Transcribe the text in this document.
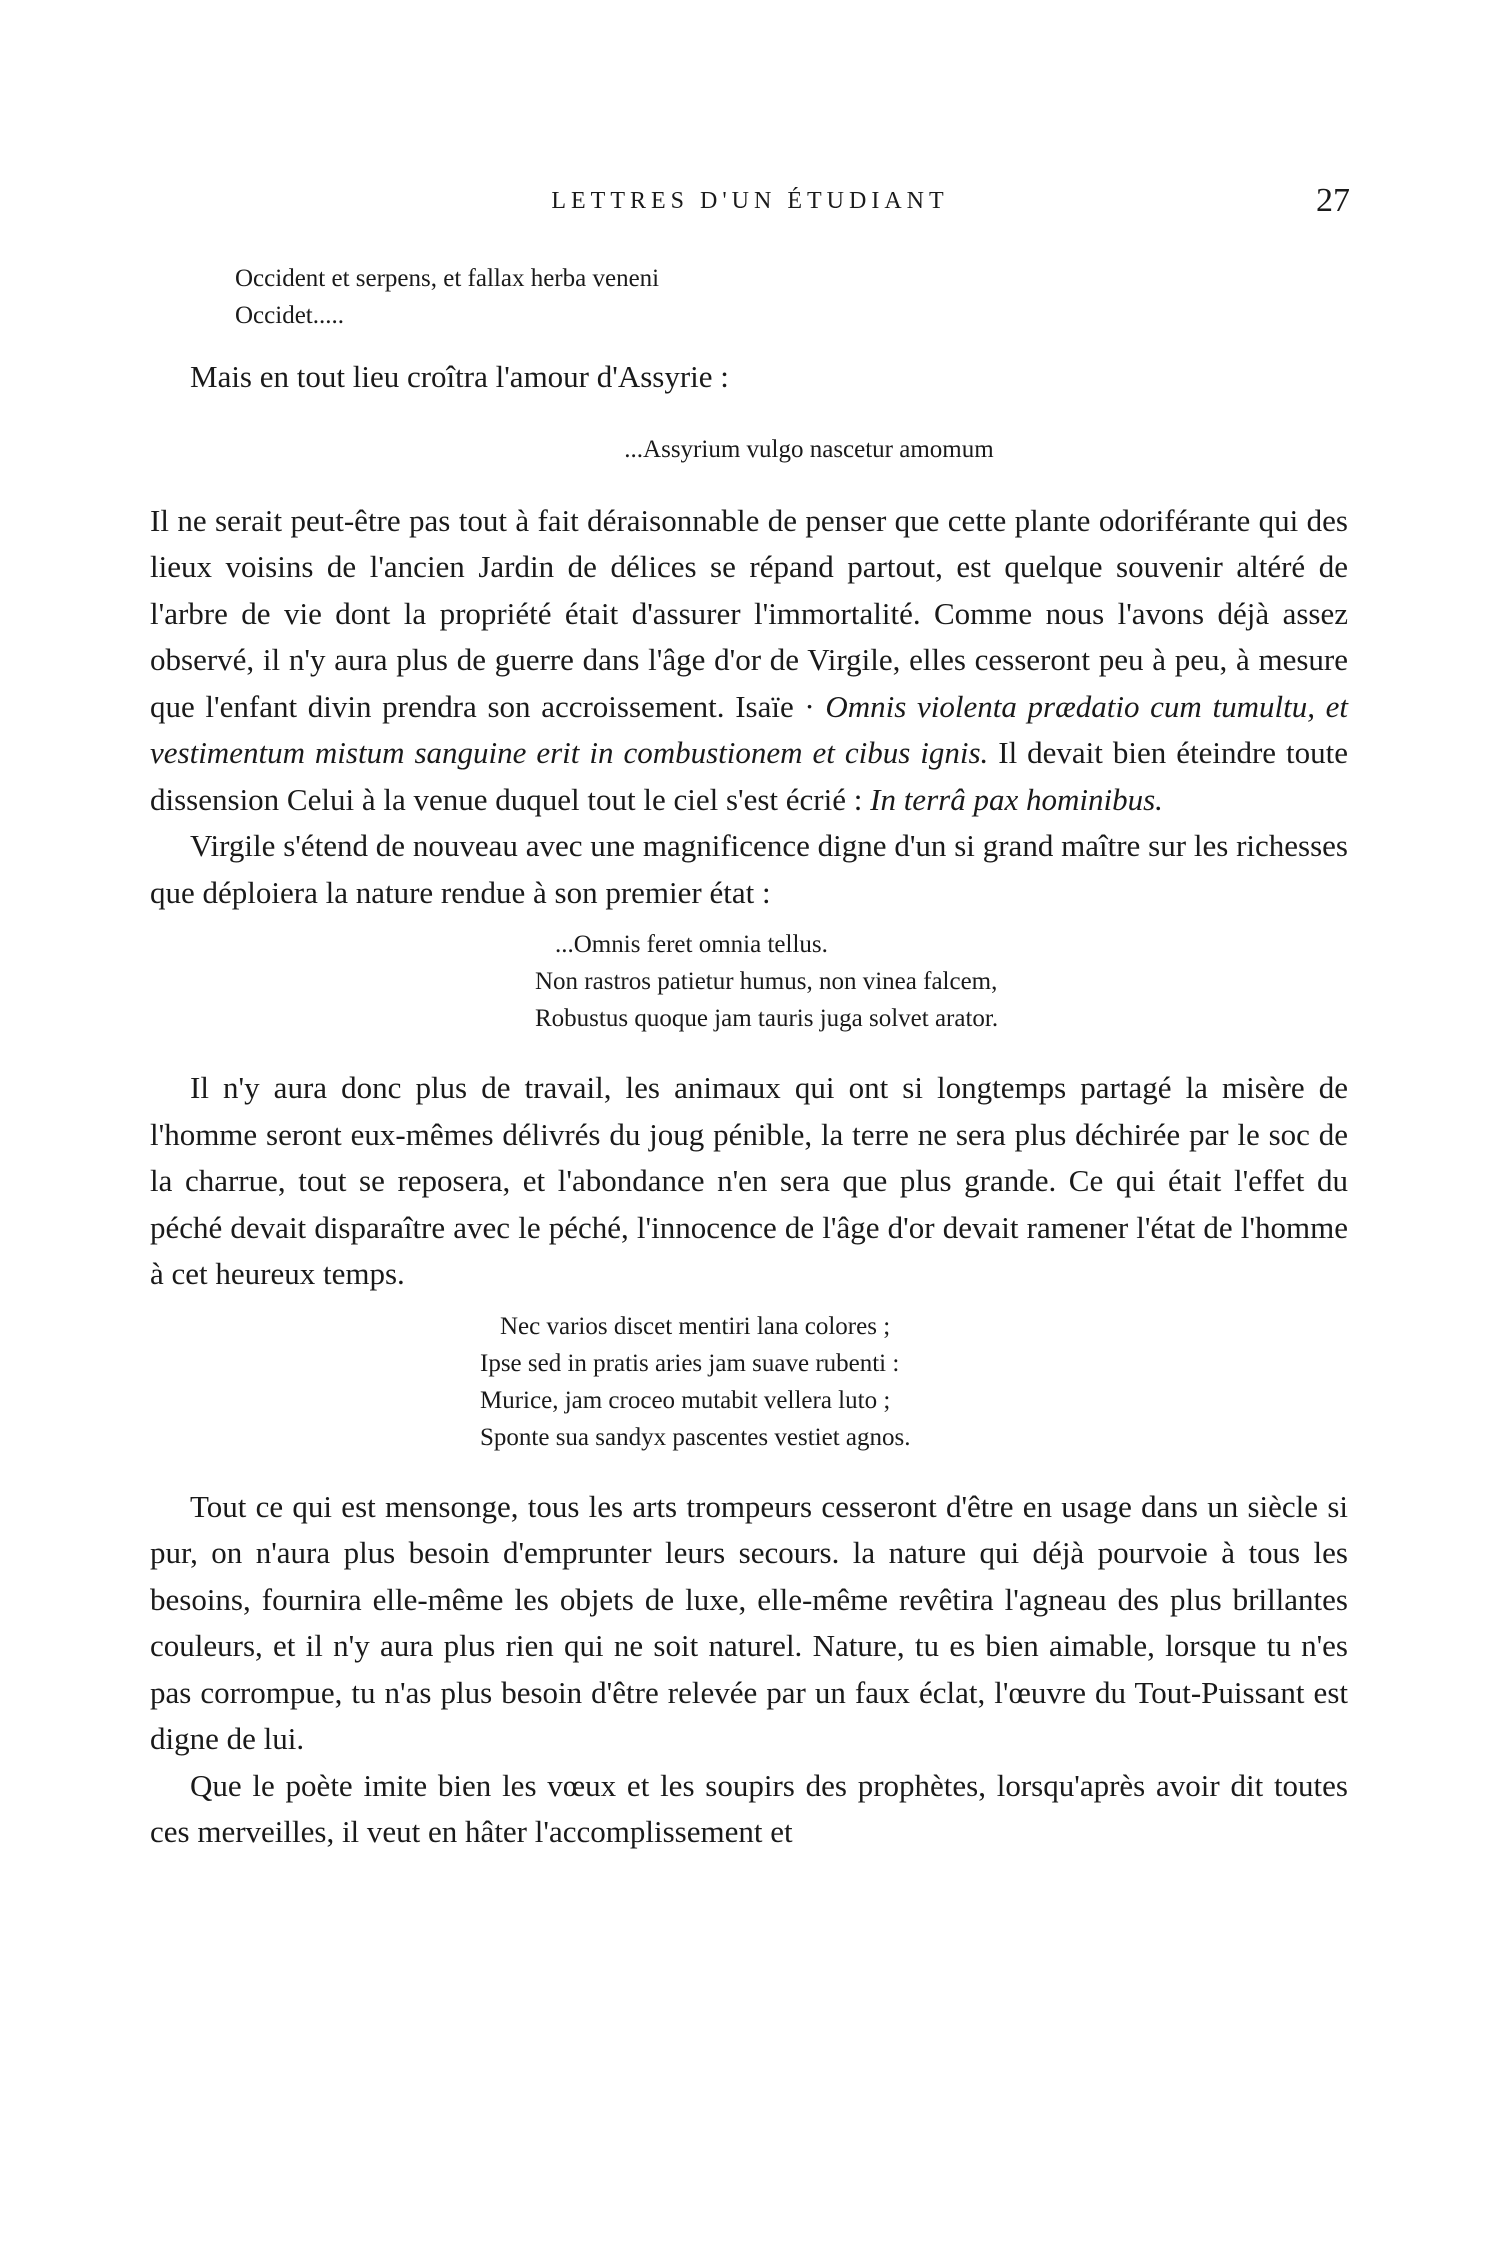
LETTRES D'UN ÉTUDIANT	27
Occident et serpens, et fallax herba veneni
Occidet.....

Mais en tout lieu croîtra l'amour d'Assyrie :

...Assyrium vulgo nascetur amomum

Il ne serait peut-être pas tout à fait déraisonnable de penser que cette plante odoriférante qui des lieux voisins de l'ancien Jardin de délices se répand partout, est quelque souvenir altéré de l'arbre de vie dont la propriété était d'assurer l'immortalité. Comme nous l'avons déjà assez observé, il n'y aura plus de guerre dans l'âge d'or de Virgile, elles cesseront peu à peu, à mesure que l'enfant divin prendra son accroissement. Isaïe · Omnis violenta prædatio cum tumultu, et vestimentum mistum sanguine erit in combustionem et cibus ignis. Il devait bien éteindre toute dissension Celui à la venue duquel tout le ciel s'est écrié : In terrâ pax hominibus.

Virgile s'étend de nouveau avec une magnificence digne d'un si grand maître sur les richesses que déploiera la nature rendue à son premier état :

...Omnis feret omnia tellus.
Non rastros patietur humus, non vinea falcem,
Robustus quoque jam tauris juga solvet arator.

Il n'y aura donc plus de travail, les animaux qui ont si longtemps partagé la misère de l'homme seront eux-mêmes délivrés du joug pénible, la terre ne sera plus déchirée par le soc de la charrue, tout se reposera, et l'abondance n'en sera que plus grande. Ce qui était l'effet du péché devait disparaître avec le péché, l'innocence de l'âge d'or devait ramener l'état de l'homme à cet heureux temps.

Nec varios discet mentiri lana colores ;
Ipse sed in pratis aries jam suave rubenti :
Murice, jam croceo mutabit vellera luto ;
Sponte sua sandyx pascentes vestiet agnos.

Tout ce qui est mensonge, tous les arts trompeurs cesseront d'être en usage dans un siècle si pur, on n'aura plus besoin d'emprunter leurs secours. la nature qui déjà pourvoie à tous les besoins, fournira elle-même les objets de luxe, elle-même revêtira l'agneau des plus brillantes couleurs, et il n'y aura plus rien qui ne soit naturel. Nature, tu es bien aimable, lorsque tu n'es pas corrompue, tu n'as plus besoin d'être relevée par un faux éclat, l'œuvre du Tout-Puissant est digne de lui.

Que le poète imite bien les vœux et les soupirs des prophètes, lorsqu'après avoir dit toutes ces merveilles, il veut en hâter l'accomplissement et
